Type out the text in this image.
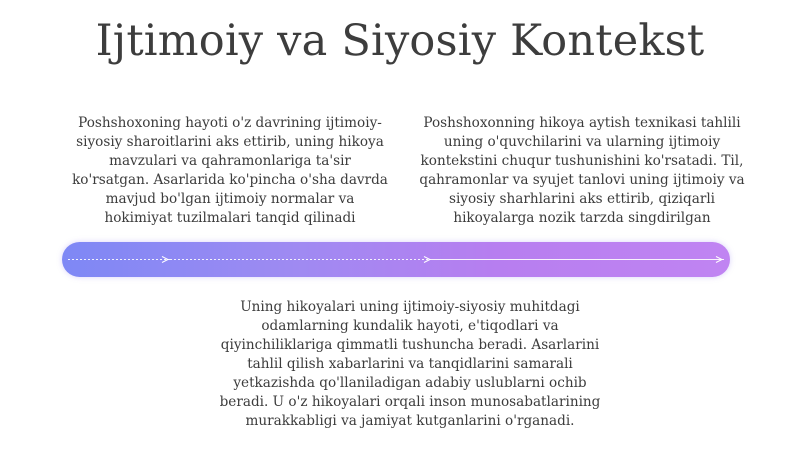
Ijtimoiy va Siyosiy Kontekst

Poshshoxoning hayoti o'z davrining ijtimoiy-siyosiy sharoitlarini aks ettirib, uning hikoya mavzulari va qahramonlariga ta'sir ko'rsatgan. Asarlarida ko'pincha o'sha davrda mavjud bo'lgan ijtimoiy normalar va hokimiyat tuzilmalari tanqid qilinadi

Poshshoxonning hikoya aytish texnikasi tahlili uning o'quvchilarini va ularning ijtimoiy kontekstini chuqur tushunishini ko'rsatadi. Til, qahramonlar va syujet tanlovi uning ijtimoiy va siyosiy sharhlarini aks ettirib, qiziqarli hikoyalarga nozik tarzda singdirilgan

Uning hikoyalari uning ijtimoiy-siyosiy muhitdagi odamlarning kundalik hayoti, e'tiqodlari va qiyinchiliklariga qimmatli tushuncha beradi. Asarlarini tahlil qilish xabarlarini va tanqidlarini samarali yetkazishda qo'llaniladigan adabiy uslublarni ochib beradi. U o'z hikoyalari orqali inson munosabatlarining murakkabligi va jamiyat kutganlarini o'rganadi.
